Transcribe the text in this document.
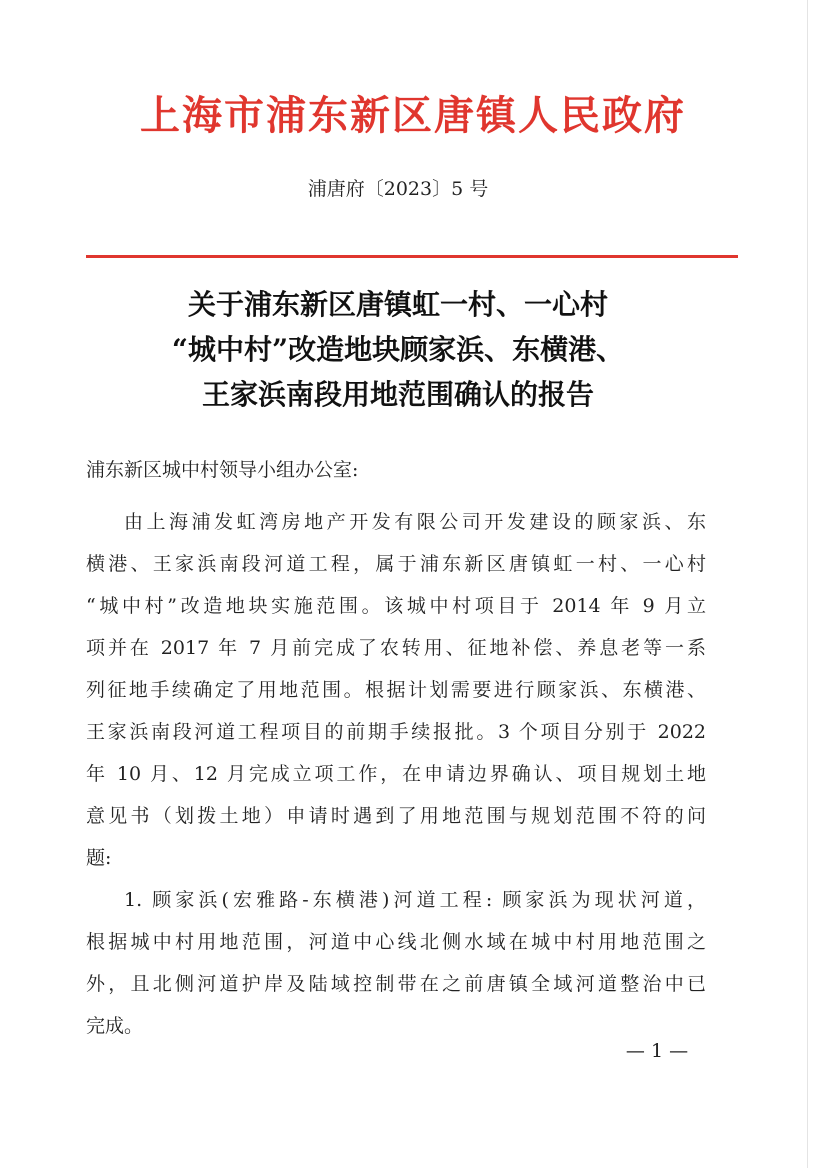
上海市浦东新区唐镇人民政府
浦唐府〔2023〕5 号
关于浦东新区唐镇虹一村、一心村
“城中村”改造地块顾家浜、东横港、
王家浜南段用地范围确认的报告
浦东新区城中村领导小组办公室:
由上海浦发虹湾房地产开发有限公司开发建设的顾家浜、东
横港、王家浜南段河道工程，属于浦东新区唐镇虹一村、一心村
“城中村”改造地块实施范围。该城中村项目于 2014 年 9 月立
项并在 2017 年 7 月前完成了农转用、征地补偿、养息老等一系
列征地手续确定了用地范围。根据计划需要进行顾家浜、东横港、
王家浜南段河道工程项目的前期手续报批。3 个项目分别于 2022
年 10 月、12 月完成立项工作，在申请边界确认、项目规划土地
意见书（划拨土地）申请时遇到了用地范围与规划范围不符的问
题:
1. 顾家浜(宏雅路-东横港)河道工程: 顾家浜为现状河道，
根据城中村用地范围，河道中心线北侧水域在城中村用地范围之
外，且北侧河道护岸及陆域控制带在之前唐镇全域河道整治中已
完成。
— 1 —
